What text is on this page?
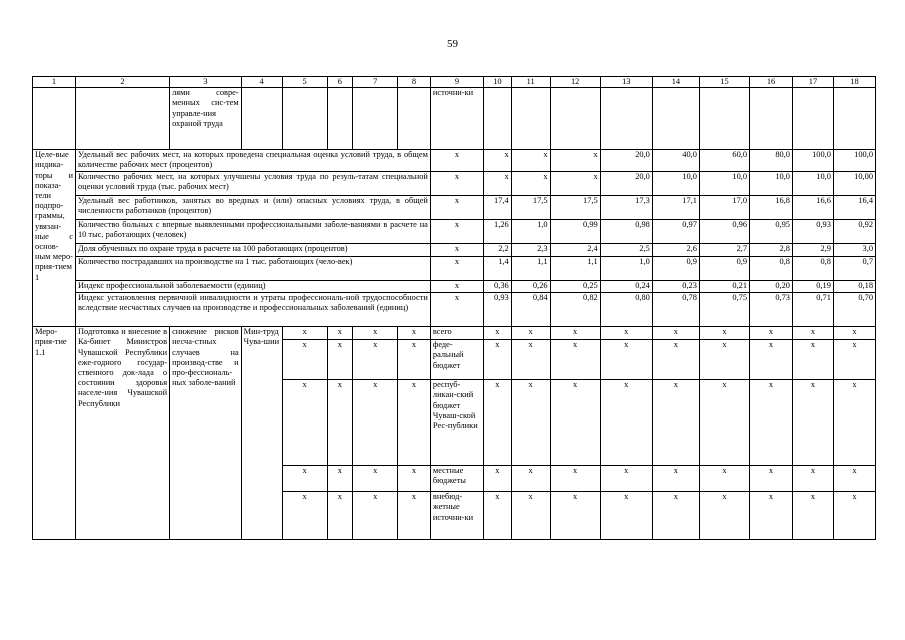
59
1	2	3	4	5	6	7	8	9	10	11	12	13	14	15	16	17	18
		лями совре-менных сис-тем управле-ния охраной труда						источни-ки									
Целе-вые индика-торы и показа-тели подпро-граммы, увязан-ные с основ-ным меро-прия-тием 1	Удельный вес рабочих мест, на которых проведена специальная оценка условий труда, в общем количестве рабочих мест (процентов)							x	x	x	x	20,0	40,0	60,0	80,0	100,0	100,0
	Количество рабочих мест, на которых улучшены условия труда по резуль-татам специальной оценки условий труда (тыс. рабочих мест)							x	x	x	x	20,0	10,0	10,0	10,0	10,0	10,00
	Удельный вес работников, занятых во вредных и (или) опасных условиях труда, в общей численности работников (процентов)							x	17,4	17,5	17,5	17,3	17,1	17,0	16,8	16,6	16,4
	Количество больных с впервые выявленными профессиональными заболе-ваниями в расчете на 10 тыс. работающих (человек)							x	1,26	1,0	0,99	0,98	0,97	0,96	0,95	0,93	0,92
	Доля обученных по охране труда в расчете на 100 работающих (процентов)							x	2,2	2,3	2,4	2,5	2,6	2,7	2,8	2,9	3,0
	Количество пострадавших на производстве на 1 тыс. работающих (чело-век)							x	1,4	1,1	1,1	1,0	0,9	0,9	0,8	0,8	0,7
	Индекс профессиональной заболеваемости (единиц)							x	0,36	0,26	0,25	0,24	0,23	0,21	0,20	0,19	0,18
	Индекс установления первичной инвалидности и утраты профессиональ-ной трудоспособности вследствие несчастных случаев на производстве и профессиональных заболеваний (единиц)							x	0,93	0,84	0,82	0,80	0,78	0,75	0,73	0,71	0,70
Меро-прия-тие 1.1	Подготовка и внесение в Ка-бинет Министров Чувашской Республики еже-годного государ-ственного док-лада о состоянии здоровья населе-ния Чувашской Республики	снижение рисков несча-стных случаев на производ-стве и про-фессиональ-ных заболе-ваний	Мин-труд Чува-шии	x	x	x	x	всего	x	x	x	x	x	x	x	x	x
				x	x	x	x	феде-ральный бюджет	x	x	x	x	x	x	x	x	x
				x	x	x	x	респуб-ликан-ский бюджет Чуваш-ской Рес-публики	x	x	x	x	x	x	x	x	x
				x	x	x	x	местные бюджеты	x	x	x	x	x	x	x	x	x
				x	x	x	x	внебюд-жетные источни-ки	x	x	x	x	x	x	x	x	x
